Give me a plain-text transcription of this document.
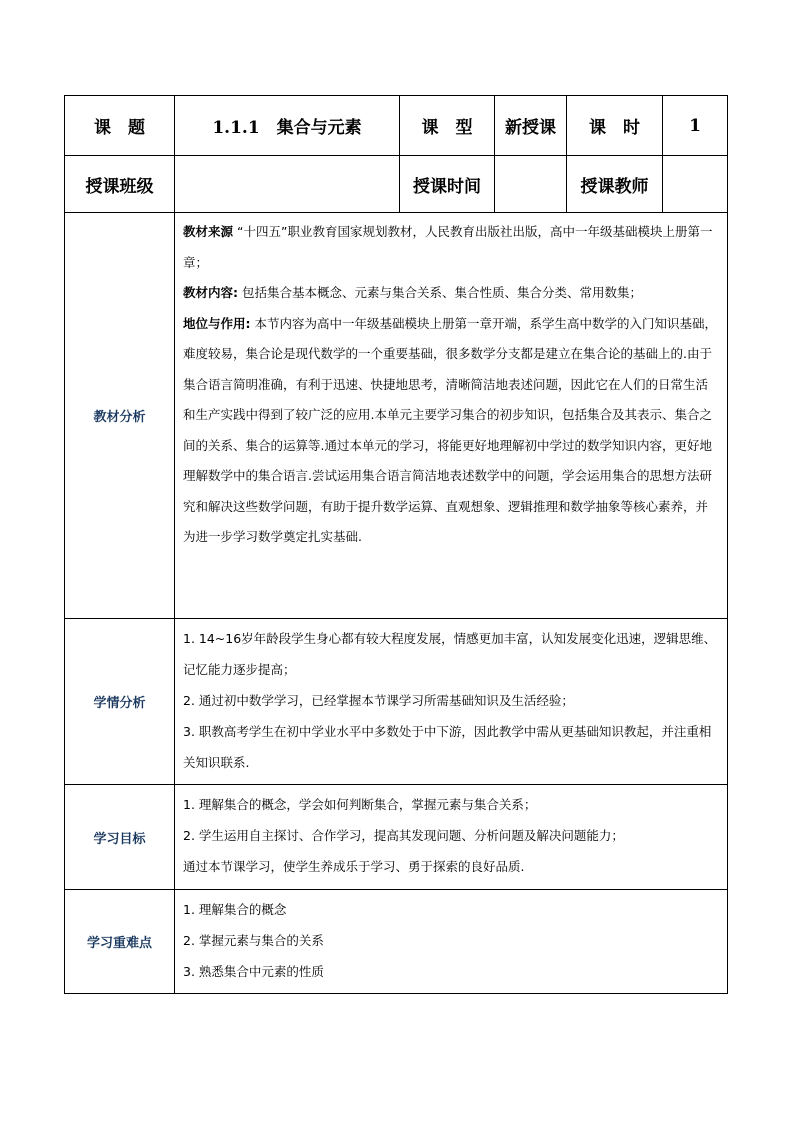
课　题	1.1.1　集合与元素	课　型	新授课	课　时	1
授课班级		授课时间		授课教师	
教材分析	教材来源 “十四五”职业教育国家规划教材，人民教育出版社出版，高中一年级基础模块上册第一章；

教材内容: 包括集合基本概念、元素与集合关系、集合性质、集合分类、常用数集；

地位与作用: 本节内容为高中一年级基础模块上册第一章开端，系学生高中数学的入门知识基础，难度较易，集合论是现代数学的一个重要基础，很多数学分支都是建立在集合论的基础上的.由于集合语言简明准确，有利于迅速、快捷地思考，清晰简洁地表述问题，因此它在人们的日常生活和生产实践中得到了较广泛的应用.本单元主要学习集合的初步知识，包括集合及其表示、集合之间的关系、集合的运算等.通过本单元的学习，将能更好地理解初中学过的数学知识内容，更好地理解数学中的集合语言.尝试运用集合语言简洁地表述数学中的问题，学会运用集合的思想方法研究和解决这些数学问题，有助于提升数学运算、直观想象、逻辑推理和数学抽象等核心素养，并为进一步学习数学奠定扎实基础.				

学情分析	1. 14~16岁年龄段学生身心都有较大程度发展，情感更加丰富，认知发展变化迅速，逻辑思维、记忆能力逐步提高；

2. 通过初中数学学习，已经掌握本节课学习所需基础知识及生活经验；

3. 职教高考学生在初中学业水平中多数处于中下游，因此教学中需从更基础知识教起，并注重相关知识联系.				

学习目标	1. 理解集合的概念，学会如何判断集合，掌握元素与集合关系；

2. 学生运用自主探讨、合作学习，提高其发现问题、分析问题及解决问题能力；

通过本节课学习，使学生养成乐于学习、勇于探索的良好品质.				

学习重难点	1. 理解集合的概念

2. 掌握元素与集合的关系

3. 熟悉集合中元素的性质				
